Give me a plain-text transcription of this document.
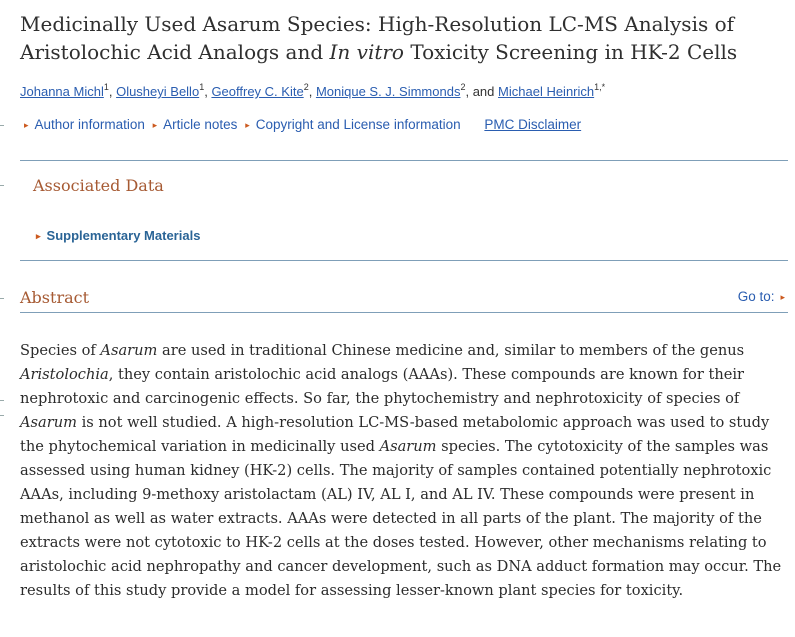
Medicinally Used Asarum Species: High-Resolution LC-MS Analysis of Aristolochic Acid Analogs and In vitro Toxicity Screening in HK-2 Cells
Johanna Michl$^1$, Olusheyi Bello$^1$, Geoffrey C. Kite$^2$, Monique S. J. Simmonds$^2$, and Michael Heinrich$^{1,*}$
▸ Author information ▸ Article notes ▸ Copyright and License information PMC Disclaimer
Associated Data
▸ Supplementary Materials
Abstract	Go to: ▸

Species of Asarum are used in traditional Chinese medicine and, similar to members of the genus Aristolochia, they contain aristolochic acid analogs (AAAs). These compounds are known for their nephrotoxic and carcinogenic effects. So far, the phytochemistry and nephrotoxicity of species of Asarum is not well studied. A high-resolution LC-MS-based metabolomic approach was used to study the phytochemical variation in medicinally used Asarum species. The cytotoxicity of the samples was assessed using human kidney (HK-2) cells. The majority of samples contained potentially nephrotoxic AAAs, including 9-methoxy aristolactam (AL) IV, AL I, and AL IV. These compounds were present in methanol as well as water extracts. AAAs were detected in all parts of the plant. The majority of the extracts were not cytotoxic to HK-2 cells at the doses tested. However, other mechanisms relating to aristolochic acid nephropathy and cancer development, such as DNA adduct formation may occur. The results of this study provide a model for assessing lesser-known plant species for toxicity.
